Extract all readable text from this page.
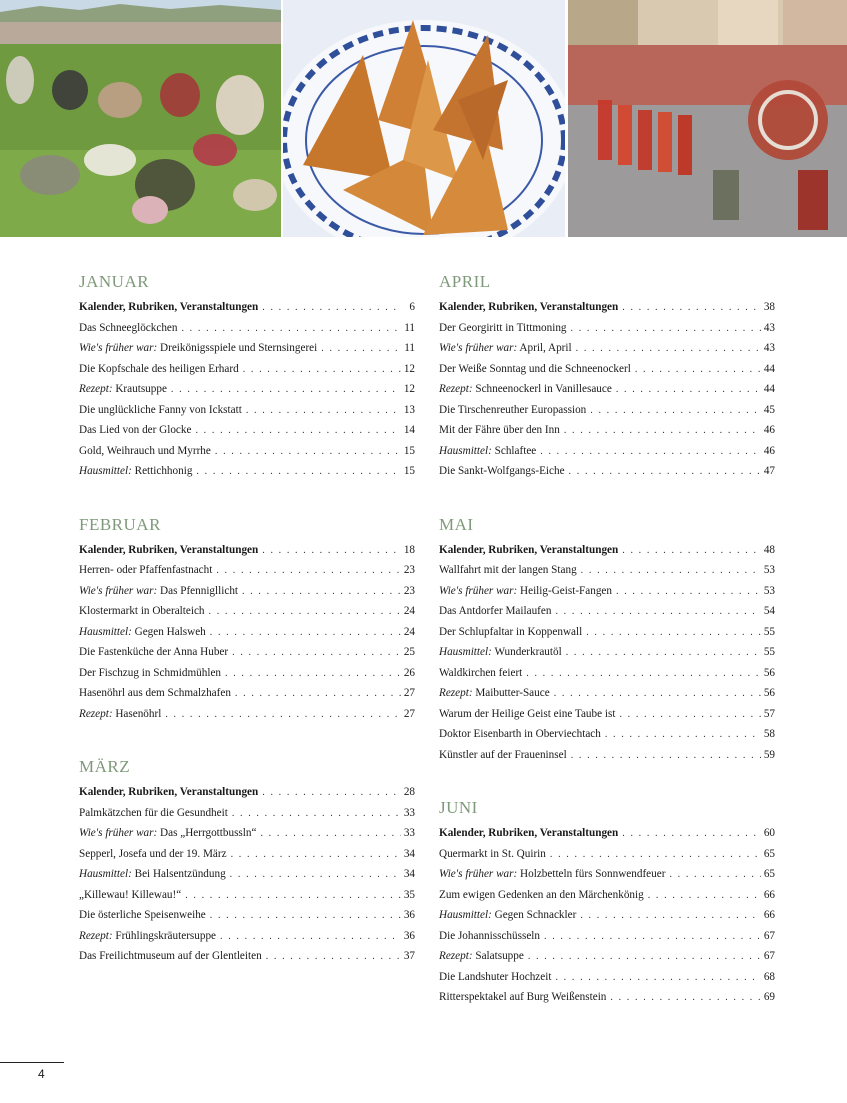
JANUAR
Kalender, Rubriken, Veranstaltungen . . .	6
Das Schneeglöckchen . . .	11
Wie's früher war: Dreikönigsspiele und Sternsingerei . . .	11
Die Kopfschale des heiligen Erhard . . .	12
Rezept: Krautsuppe . . .	12
Die unglückliche Fanny von Ickstatt . . .	13
Das Lied von der Glocke . . .	14
Gold, Weihrauch und Myrrhe . . .	15
Hausmittel: Rettichhonig . . .	15
FEBRUAR
Kalender, Rubriken, Veranstaltungen . . .	18
Herren- oder Pfaffenfastnacht . . .	23
Wie's früher war: Das Pfennigllicht . . .	23
Klostermarkt in Oberalteich . . .	24
Hausmittel: Gegen Halsweh . . .	24
Die Fastenküche der Anna Huber . . .	25
Der Fischzug in Schmidmühlen . . .	26
Hasenöhrl aus dem Schmalzhafen . . .	27
Rezept: Hasenöhrl . . .	27
MÄRZ
Kalender, Rubriken, Veranstaltungen . . .	28
Palmkätzchen für die Gesundheit . . .	33
Wie's früher war: Das „Herrgottbussln“ . . .	33
Sepperl, Josefa und der 19. März . . .	34
Hausmittel: Bei Halsentzündung . . .	34
„Killewau! Killewau!“ . . .	35
Die österliche Speisenweihe . . .	36
Rezept: Frühlingskräutersuppe . . .	36
Das Freilichtmuseum auf der Glentleiten . . .	37
APRIL
Kalender, Rubriken, Veranstaltungen . . .	38
Der Georgiritt in Tittmoning . . .	43
Wie's früher war: April, April . . .	43
Der Weiße Sonntag und die Schneenockerl . . .	44
Rezept: Schneenockerl in Vanillesauce . . .	44
Die Tirschenreuther Europassion . . .	45
Mit der Fähre über den Inn . . .	46
Hausmittel: Schlaftee . . .	46
Die Sankt-Wolfgangs-Eiche . . .	47
MAI
Kalender, Rubriken, Veranstaltungen . . .	48
Wallfahrt mit der langen Stang . . .	53
Wie's früher war: Heilig-Geist-Fangen . . .	53
Das Antdorfer Mailaufen . . .	54
Der Schlupfaltar in Koppenwall . . .	55
Hausmittel: Wunderkrautöl . . .	55
Waldkirchen feiert . . .	56
Rezept: Maibutter-Sauce . . .	56
Warum der Heilige Geist eine Taube ist . . .	57
Doktor Eisenbarth in Oberviechtach . . .	58
Künstler auf der Fraueninsel . . .	59
JUNI
Kalender, Rubriken, Veranstaltungen . . .	60
Quermarkt in St. Quirin . . .	65
Wie's früher war: Holzbetteln fürs Sonnwendfeuer . . .	65
Zum ewigen Gedenken an den Märchenkönig . . .	66
Hausmittel: Gegen Schnackler . . .	66
Die Johannisschüsseln . . .	67
Rezept: Salatsuppe . . .	67
Die Landshuter Hochzeit . . .	68
Ritterspektakel auf Burg Weißenstein . . .	69
4
